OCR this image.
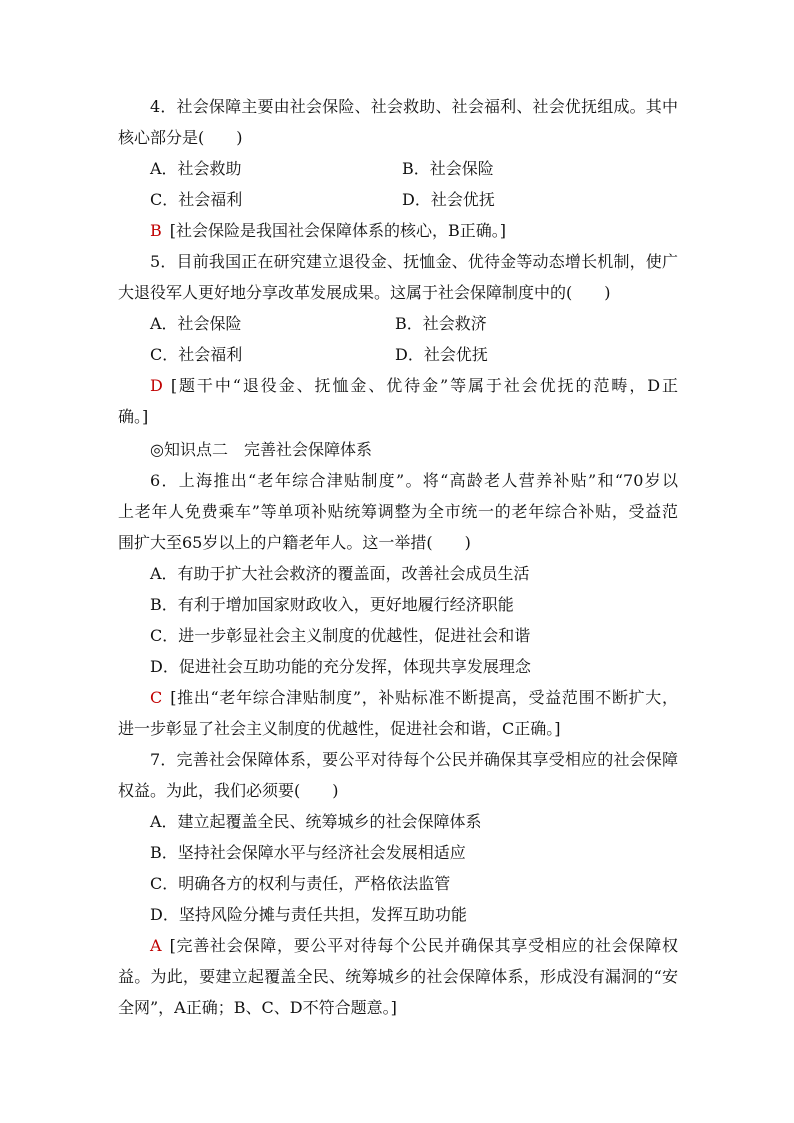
4．社会保障主要由社会保险、社会救助、社会福利、社会优抚组成。其中
核心部分是(　　)
A．社会救助	B．社会保险
C．社会福利	D．社会优抚
B [社会保险是我国社会保障体系的核心，B正确。]
5．目前我国正在研究建立退役金、抚恤金、优待金等动态增长机制，使广
大退役军人更好地分享改革发展成果。这属于社会保障制度中的(　　)
A．社会保险	B．社会救济
C．社会福利	D．社会优抚
D [题干中“退役金、抚恤金、优待金”等属于社会优抚的范畴，D正
确。]
◎知识点二　完善社会保障体系
6．上海推出“老年综合津贴制度”。将“高龄老人营养补贴”和“70岁以
上老年人免费乘车”等单项补贴统筹调整为全市统一的老年综合补贴，受益范
围扩大至65岁以上的户籍老年人。这一举措(　　)
A．有助于扩大社会救济的覆盖面，改善社会成员生活
B．有利于增加国家财政收入，更好地履行经济职能
C．进一步彰显社会主义制度的优越性，促进社会和谐
D．促进社会互助功能的充分发挥，体现共享发展理念
C [推出“老年综合津贴制度”，补贴标准不断提高，受益范围不断扩大，
进一步彰显了社会主义制度的优越性，促进社会和谐，C正确。]
7．完善社会保障体系，要公平对待每个公民并确保其享受相应的社会保障
权益。为此，我们必须要(　　)
A．建立起覆盖全民、统筹城乡的社会保障体系
B．坚持社会保障水平与经济社会发展相适应
C．明确各方的权利与责任，严格依法监管
D．坚持风险分摊与责任共担，发挥互助功能
A [完善社会保障，要公平对待每个公民并确保其享受相应的社会保障权
益。为此，要建立起覆盖全民、统筹城乡的社会保障体系，形成没有漏洞的“安
全网”，A正确；B、C、D不符合题意。]
